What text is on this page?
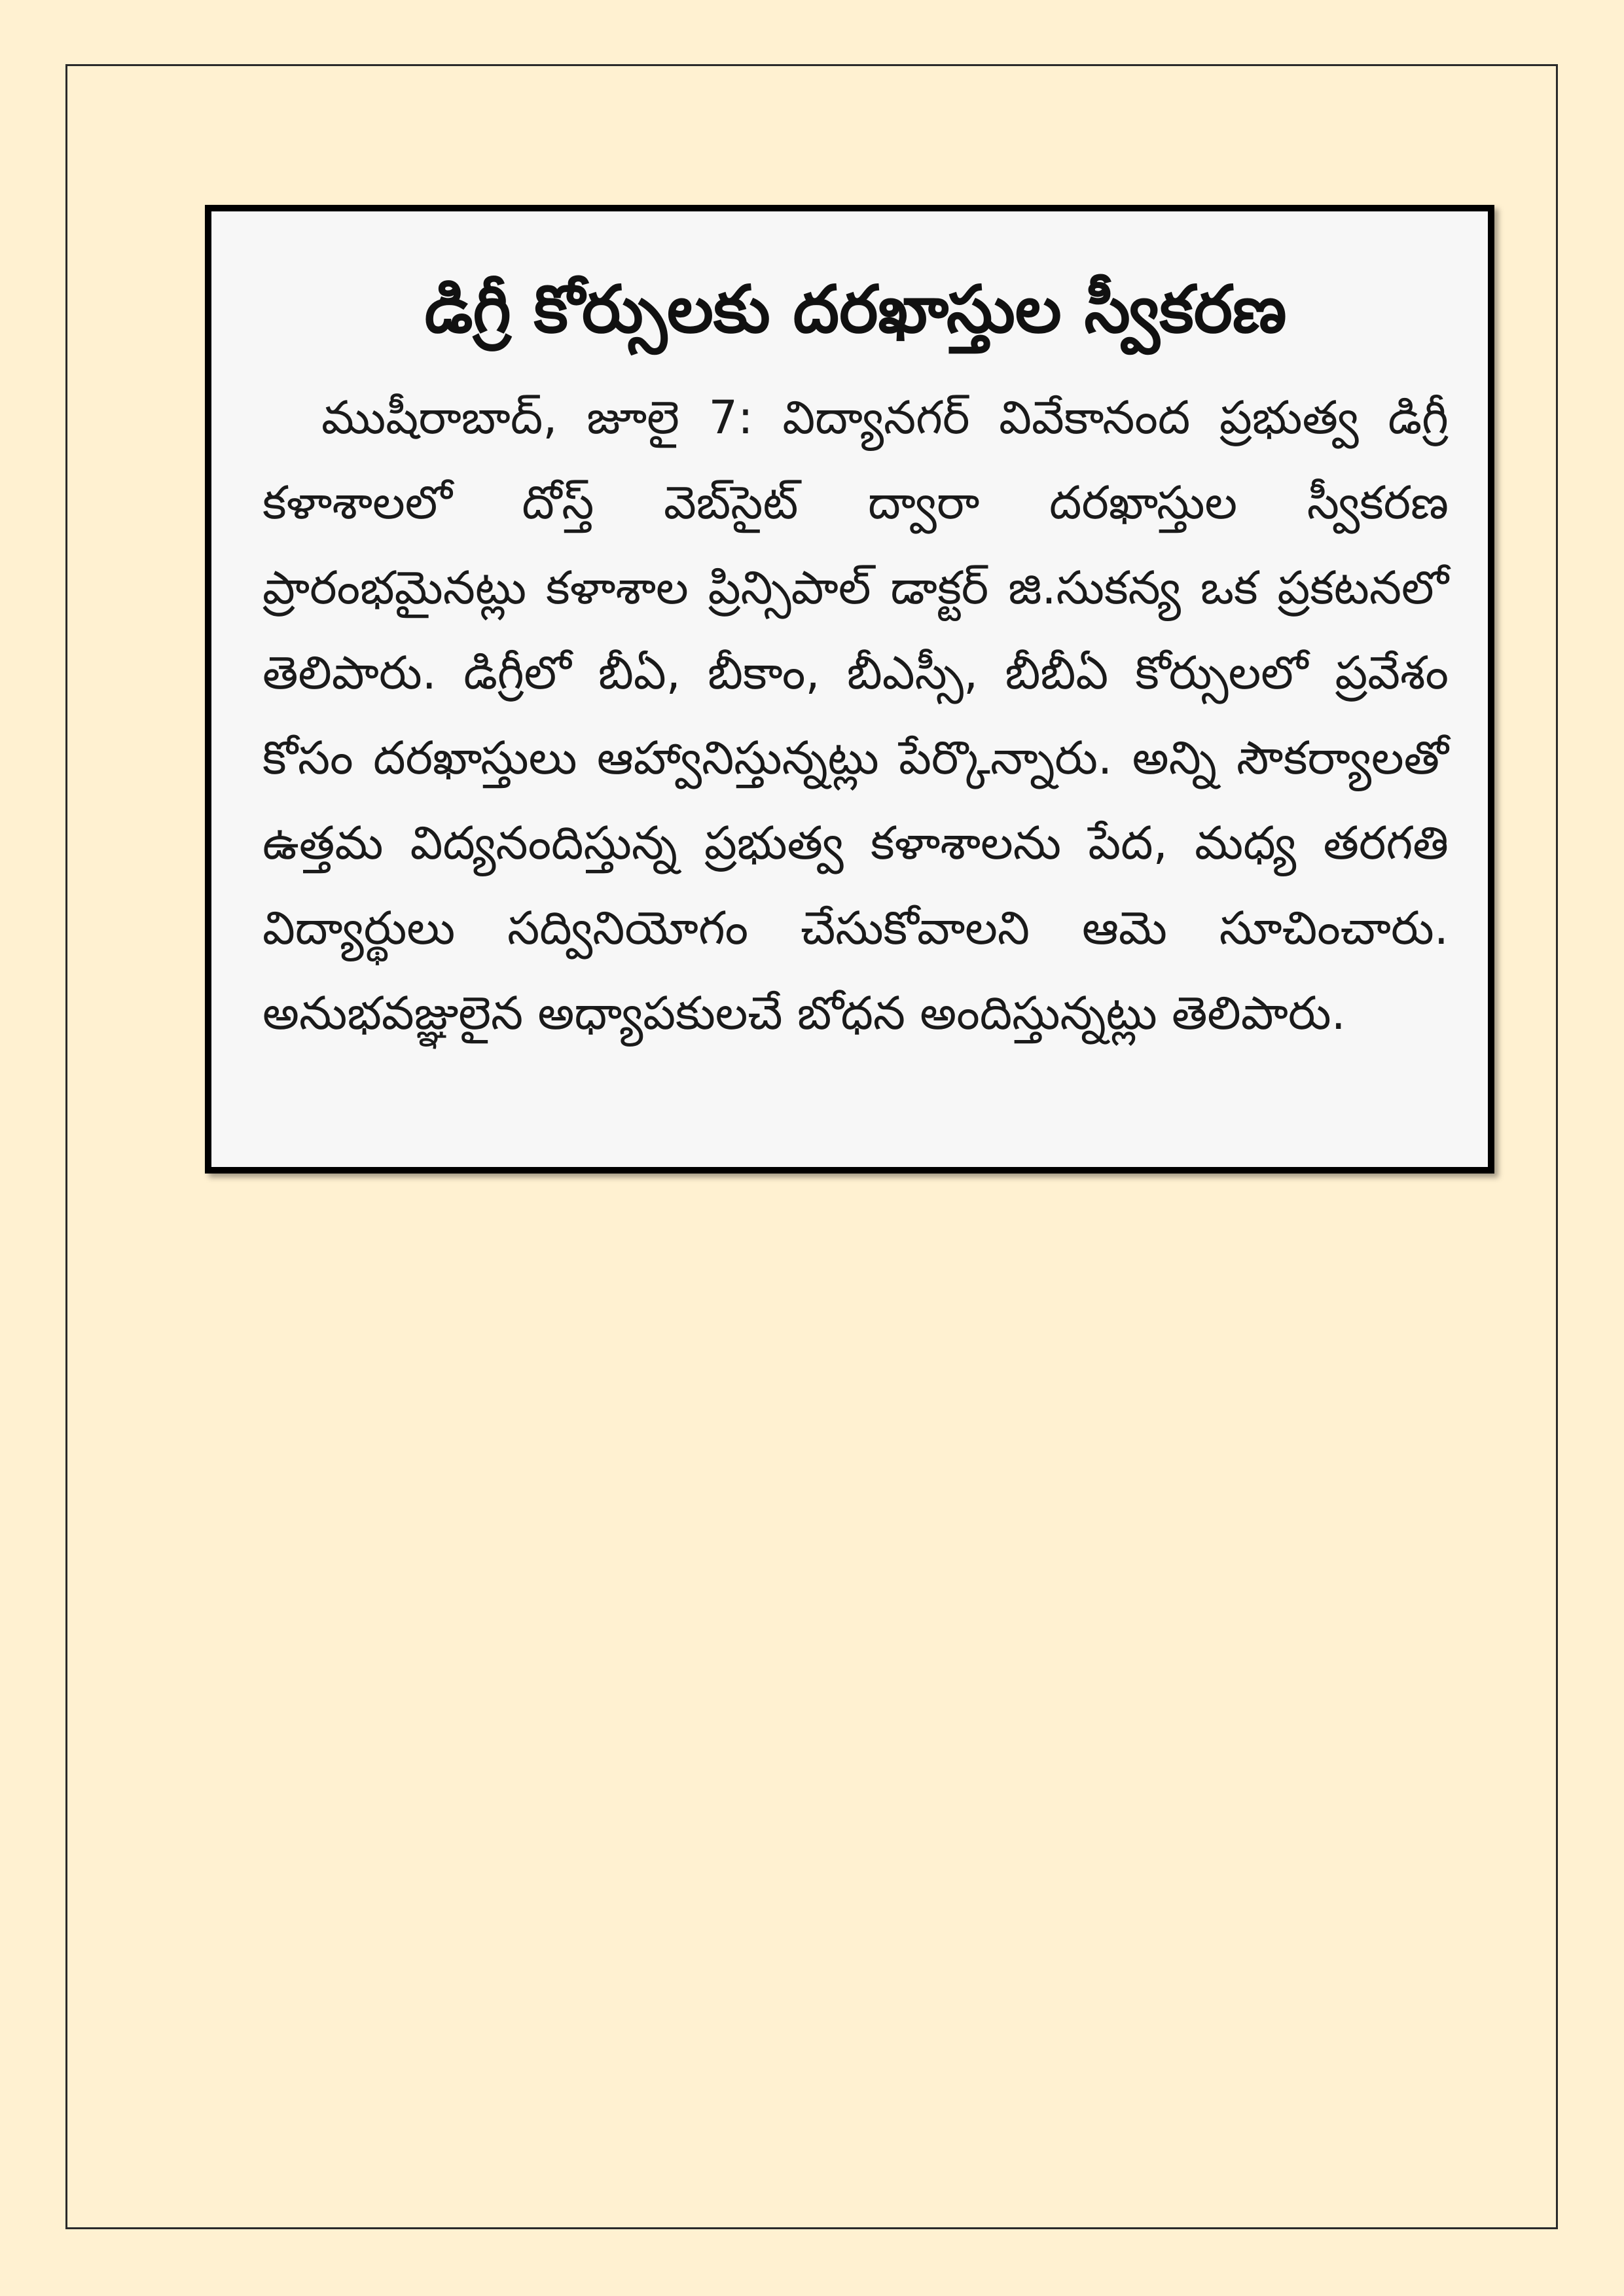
డిగ్రీ కోర్సులకు దరఖాస్తుల స్వీకరణ

ముషీరాబాద్, జూలై 7: విద్యానగర్ వివేకానంద ప్రభుత్వ డిగ్రీ కళాశాలలో దోస్త్ వెబ్‌సైట్ ద్వారా దరఖాస్తుల స్వీకరణ ప్రారంభమైనట్లు కళాశాల ప్రిన్సిపాల్ డాక్టర్ జి.సుకన్య ఒక ప్రకటనలో తెలిపారు. డిగ్రీలో బీఏ, బీకాం, బీఎస్సీ, బీబీఏ కోర్సులలో ప్రవేశం కోసం దరఖాస్తులు ఆహ్వానిస్తున్నట్లు పేర్కొన్నారు. అన్ని సౌకర్యాలతో ఉత్తమ విద్యనందిస్తున్న ప్రభుత్వ కళాశాలను పేద, మధ్య తరగతి విద్యార్థులు సద్వినియోగం చేసుకోవాలని ఆమె సూచించారు. అనుభవజ్ఞులైన అధ్యాపకులచే బోధన అందిస్తున్నట్లు తెలిపారు.
